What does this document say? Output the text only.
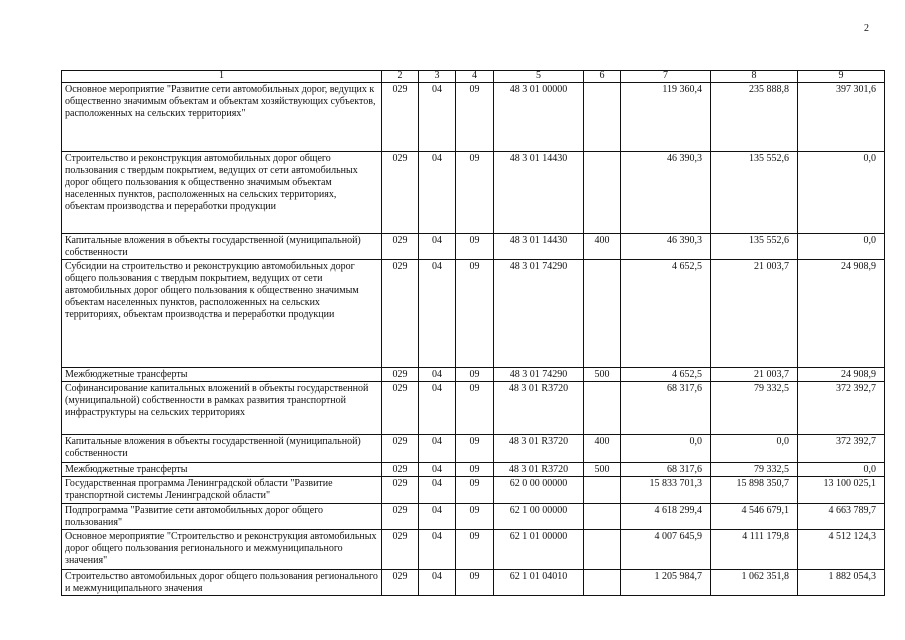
2
1	2	3	4	5	6	7	8	9
Основное мероприятие "Развитие сети автомобильных дорог, ведущих к общественно значимым объектам и объектам хозяйствующих субъектов, расположенных на сельских территориях"	029	04	09	48 3 01 00000		119 360,4	235 888,8	397 301,6
Строительство и реконструкция автомобильных дорог общего пользования с твердым покрытием, ведущих от сети автомобильных дорог общего пользования к общественно значимым объектам населенных пунктов, расположенных на сельских территориях, объектам производства и переработки продукции	029	04	09	48 3 01 14430		46 390,3	135 552,6	0,0
Капитальные вложения в объекты государственной (муниципальной) собственности	029	04	09	48 3 01 14430	400	46 390,3	135 552,6	0,0
Субсидии на строительство и реконструкцию автомобильных дорог общего пользования с твердым покрытием, ведущих от сети автомобильных дорог общего пользования к общественно значимым объектам населенных пунктов, расположенных на сельских территориях, объектам производства и переработки продукции	029	04	09	48 3 01 74290		4 652,5	21 003,7	24 908,9
Межбюджетные трансферты	029	04	09	48 3 01 74290	500	4 652,5	21 003,7	24 908,9
Софинансирование капитальных вложений в объекты государственной (муниципальной) собственности в рамках развития транспортной инфраструктуры на сельских территориях	029	04	09	48 3 01 R3720		68 317,6	79 332,5	372 392,7
Капитальные вложения в объекты государственной (муниципальной) собственности	029	04	09	48 3 01 R3720	400	0,0	0,0	372 392,7
Межбюджетные трансферты	029	04	09	48 3 01 R3720	500	68 317,6	79 332,5	0,0
Государственная программа Ленинградской области "Развитие транспортной системы Ленинградской области"	029	04	09	62 0 00 00000		15 833 701,3	15 898 350,7	13 100 025,1
Подпрограмма "Развитие сети автомобильных дорог общего пользования"	029	04	09	62 1 00 00000		4 618 299,4	4 546 679,1	4 663 789,7
Основное мероприятие "Строительство и реконструкция автомобильных дорог общего пользования регионального и межмуниципального значения"	029	04	09	62 1 01 00000		4 007 645,9	4 111 179,8	4 512 124,3
Строительство автомобильных дорог общего пользования регионального и межмуниципального значения	029	04	09	62 1 01 04010		1 205 984,7	1 062 351,8	1 882 054,3
